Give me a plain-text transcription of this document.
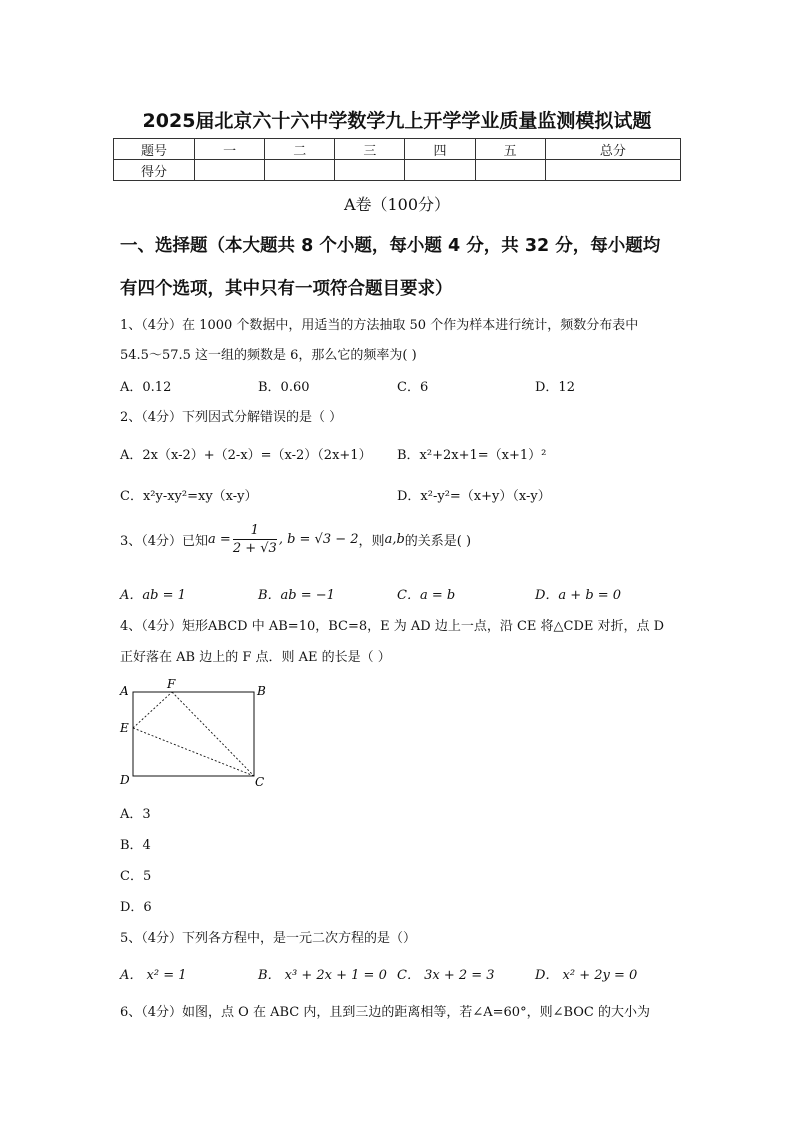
2025届北京六十六中学数学九上开学学业质量监测模拟试题
题号	一	二	三	四	五	总分
得分						
A卷（100分）
一、选择题（本大题共 8 个小题，每小题 4 分，共 32 分，每小题均
有四个选项，其中只有一项符合题目要求）
1、（4分）在 1000 个数据中，用适当的方法抽取 50 个作为样本进行统计，频数分布表中
54.5～57.5 这一组的频数是 6，那么它的频率为( )
A．0.12	B．0.60	C．6	D．12
2、（4分）下列因式分解错误的是（ ）
A．2x（x-2）+（2-x）=（x-2）（2x+1） B．x²+2x+1=（x+1）²
C．x²y-xy²=xy（x-y）	D．x²-y²=（x+y）（x-y）
3、（4分）已知 $a = \frac{1}{2 + √3}$ , b = √3 − 2 ，则 a,b 的关系是( )
A．ab = 1	B．ab = −1	C．a = b	D．a + b = 0
4、（4分）矩形ABCD 中 AB=10，BC=8，E 为 AD 边上一点，沿 CE 将△CDE 对折，点 D
正好落在 AB 边上的 F 点．则 AE 的长是（ ）
A	F	B
E
D	C
A．3
B．4
C．5
D．6
5、（4分）下列各方程中，是一元二次方程的是（）
A． x² = 1	B． x³ + 2x + 1 = 0 C． 3x + 2 = 3	D． x² + 2y = 0
6、（4分）如图，点 O 在 ABC 内，且到三边的距离相等，若∠A=60°，则∠BOC 的大小为
